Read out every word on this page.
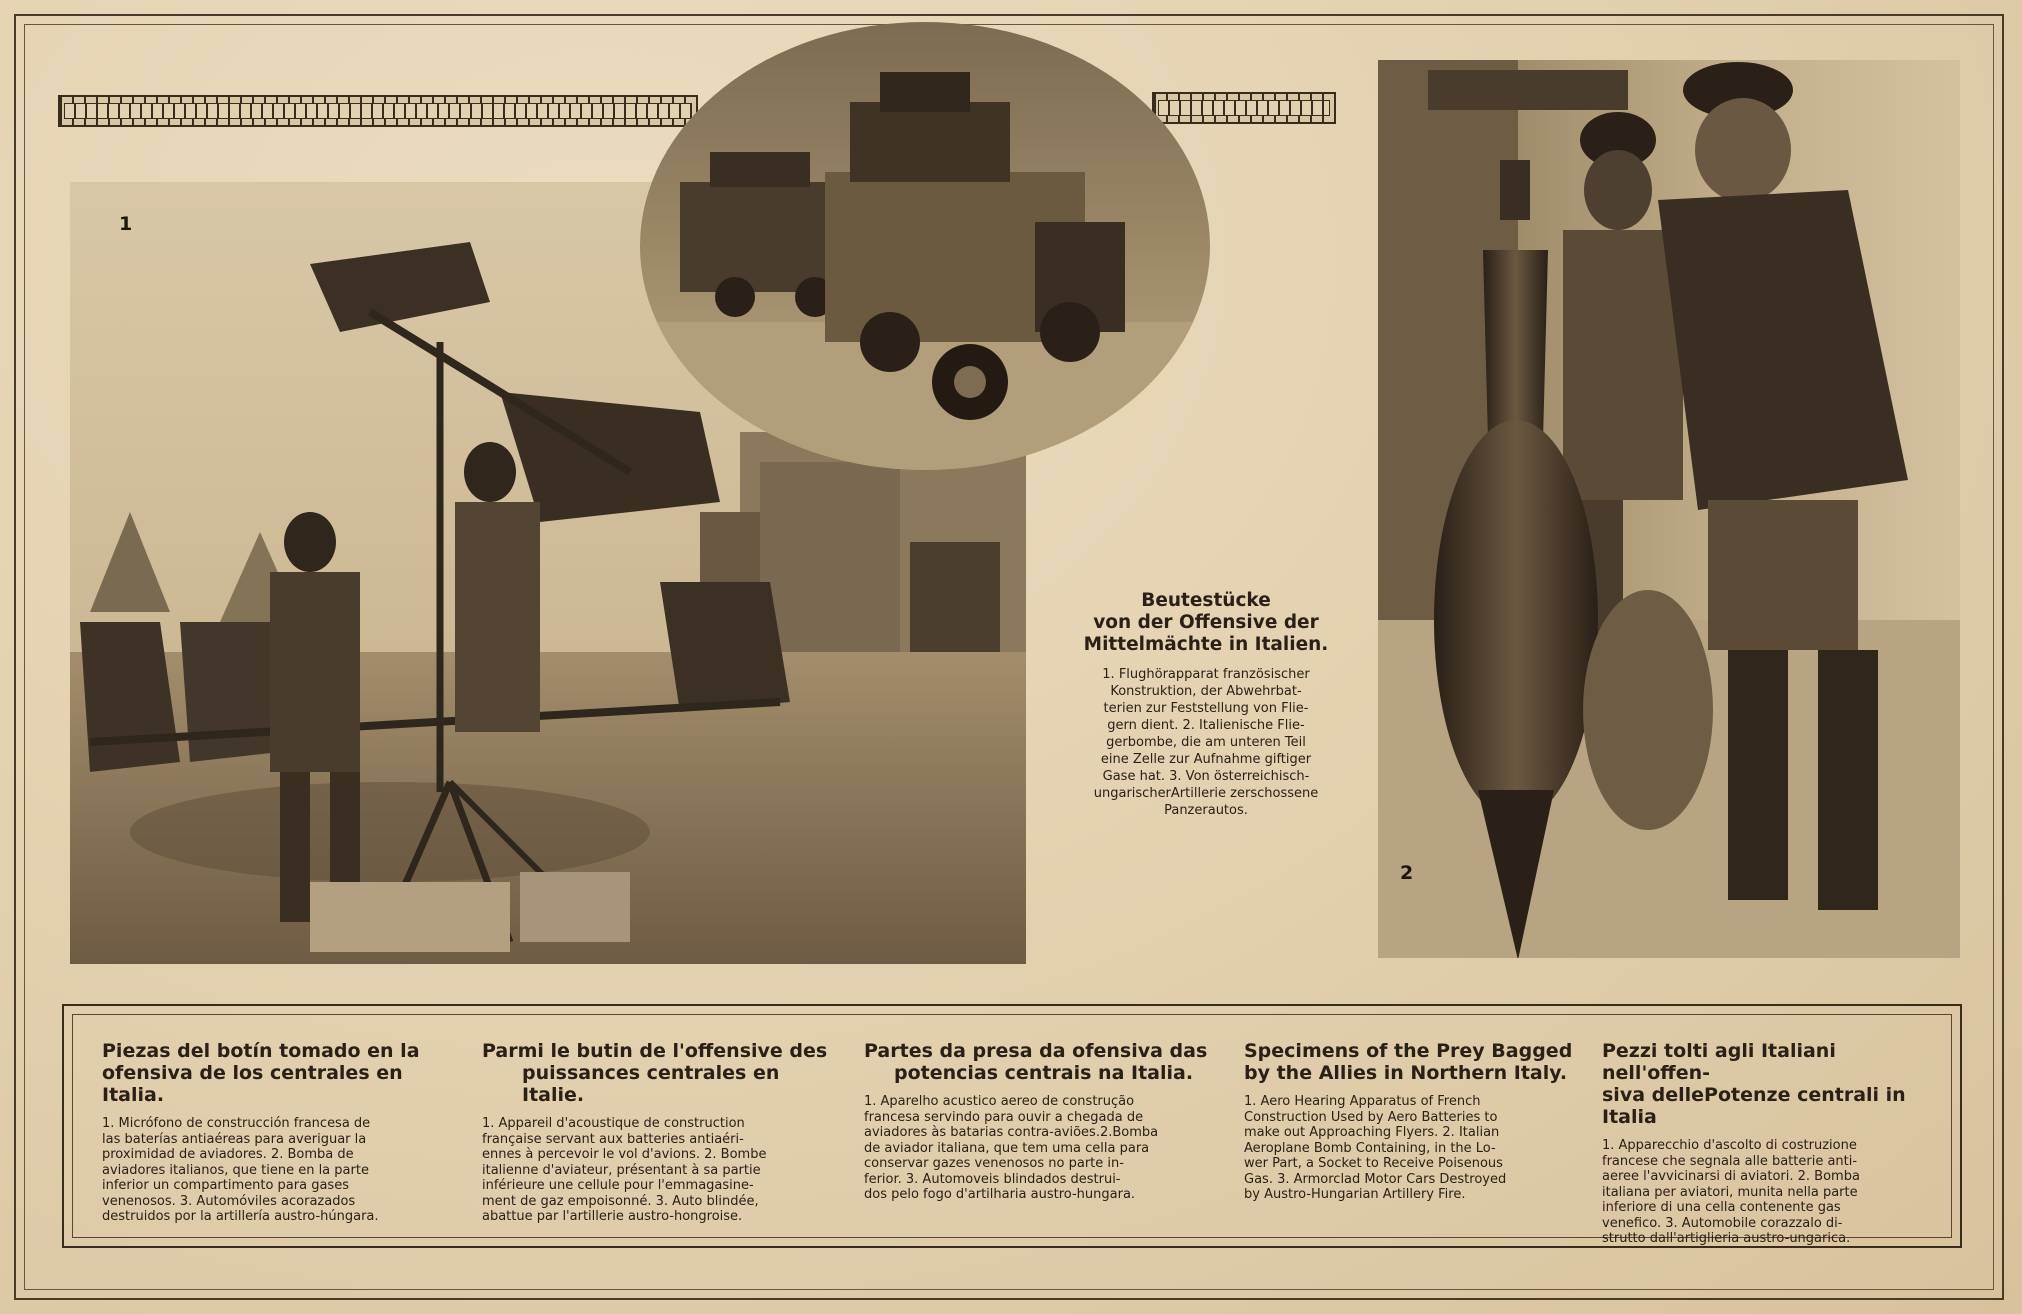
1
2
Beutestücke
von der Offensive der
Mittelmächte in Italien.
1. Flughörapparat französischer
Konstruktion, der Abwehrbat-
terien zur Feststellung von Flie-
gern dient. 2. Italienische Flie-
gerbombe, die am unteren Teil
eine Zelle zur Aufnahme giftiger
Gase hat. 3. Von österreichisch-
ungarischerArtillerie zerschossene
Panzerautos.
Piezas del botín tomado en la
ofensiva de los centrales en Italia.
1. Micrófono de construcción francesa de
las baterías antiaéreas para averiguar la
proximidad de aviadores. 2. Bomba de
aviadores italianos, que tiene en la parte
inferior un compartimento para gases
venenosos. 3. Automóviles acorazados
destruidos por la artillería austro-húngara.
Parmi le butin de l'offensive des
puissances centrales en Italie.
1. Appareil d'acoustique de construction
française servant aux batteries antiaéri-
ennes à percevoir le vol d'avions. 2. Bombe
italienne d'aviateur, présentant à sa partie
inférieure une cellule pour l'emmagasine-
ment de gaz empoisonné. 3. Auto blindée,
abattue par l'artillerie austro-hongroise.
Partes da presa da ofensiva das
potencias centrais na Italia.
1. Aparelho acustico aereo de construção
francesa servindo para ouvir a chegada de
aviadores às batarias contra-aviões.2.Bomba
de aviador italiana, que tem uma cella para
conservar gazes venenosos no parte in-
ferior. 3. Automoveis blindados destrui-
dos pelo fogo d'artilharia austro-hungara.
Specimens of the Prey Bagged
by the Allies in Northern Italy.
1. Aero Hearing Apparatus of French
Construction Used by Aero Batteries to
make out Approaching Flyers. 2. Italian
Aeroplane Bomb Containing, in the Lo-
wer Part, a Socket to Receive Poisenous
Gas. 3. Armorclad Motor Cars Destroyed
by Austro-Hungarian Artillery Fire.
Pezzi tolti agli Italiani nell'offen-
siva dellePotenze centrali in Italia
1. Apparecchio d'ascolto di costruzione
francese che segnala alle batterie anti-
aeree l'avvicinarsi di aviatori. 2. Bomba
italiana per aviatori, munita nella parte
inferiore di una cella contenente gas
venefico. 3. Automobile corazzalo di-
strutto dall'artiglieria austro-ungarica.
